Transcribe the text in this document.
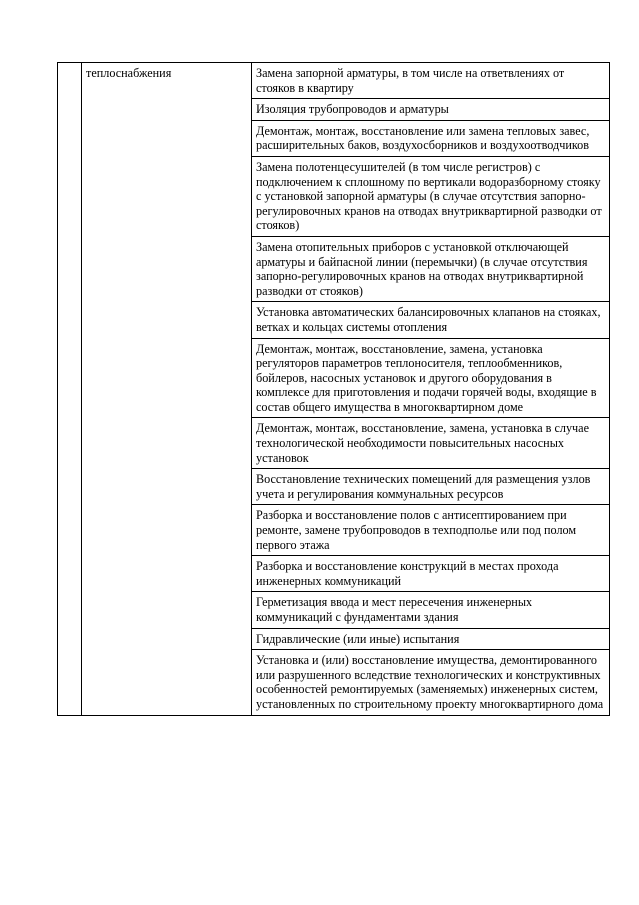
	теплоснабжения	Замена запорной арматуры, в том числе на ответвлениях от стояков в квартиру
Изоляция трубопроводов и арматуры
Демонтаж, монтаж, восстановление или замена тепловых завес, расширительных баков, воздухосборников и воздухоотводчиков
Замена полотенцесушителей (в том числе регистров) с подключением к сплошному по вертикали водоразборному стояку с установкой запорной арматуры (в случае отсутствия запорно-регулировочных кранов на отводах внутриквартирной разводки от стояков)
Замена отопительных приборов с установкой отключающей арматуры и байпасной линии (перемычки) (в случае отсутствия запорно-регулировочных кранов на отводах внутриквартирной разводки от стояков)
Установка автоматических балансировочных клапанов на стояках, ветках и кольцах системы отопления
Демонтаж, монтаж, восстановление, замена, установка регуляторов параметров теплоносителя, теплообменников, бойлеров, насосных установок и другого оборудования в комплексе для приготовления и подачи горячей воды, входящие в состав общего имущества в многоквартирном доме
Демонтаж, монтаж, восстановление, замена, установка в случае технологической необходимости повысительных насосных установок
Восстановление технических помещений для размещения узлов учета и регулирования коммунальных ресурсов
Разборка и восстановление полов с антисептированием при ремонте, замене трубопроводов в техподполье или под полом первого этажа
Разборка и восстановление конструкций в местах прохода инженерных коммуникаций
Герметизация ввода и мест пересечения инженерных коммуникаций с фундаментами здания
Гидравлические (или иные) испытания
Установка и (или) восстановление имущества, демонтированного или разрушенного вследствие технологических и конструктивных особенностей ремонтируемых (заменяемых) инженерных систем, установленных по строительному проекту многоквартирного дома
